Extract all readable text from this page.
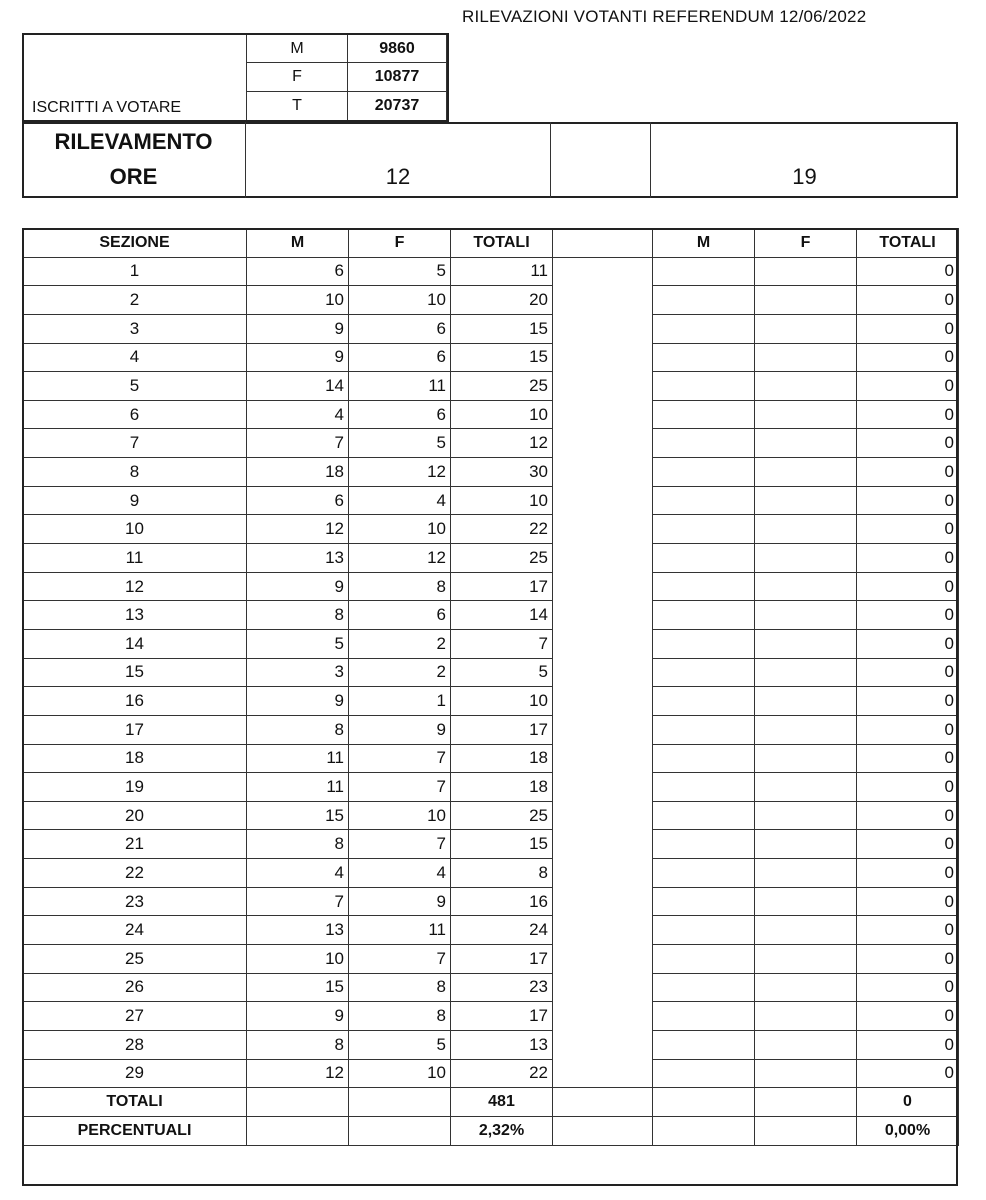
RILEVAZIONI VOTANTI REFERENDUM 12/06/2022
M	9860
F	10877
T	20737
ISCRITTI A VOTARE
RILEVAMENTO
ORE	12	19
SEZIONE	M	F	TOTALI		M	F	TOTALI
1	6	5	11				0
2	10	10	20				0
3	9	6	15				0
4	9	6	15				0
5	14	11	25				0
6	4	6	10				0
7	7	5	12				0
8	18	12	30				0
9	6	4	10				0
10	12	10	22				0
11	13	12	25				0
12	9	8	17				0
13	8	6	14				0
14	5	2	7				0
15	3	2	5				0
16	9	1	10				0
17	8	9	17				0
18	11	7	18				0
19	11	7	18				0
20	15	10	25				0
21	8	7	15				0
22	4	4	8				0
23	7	9	16				0
24	13	11	24				0
25	10	7	17				0
26	15	8	23				0
27	9	8	17				0
28	8	5	13				0
29	12	10	22				0
TOTALI			481				0
PERCENTUALI			2,32%				0,00%
